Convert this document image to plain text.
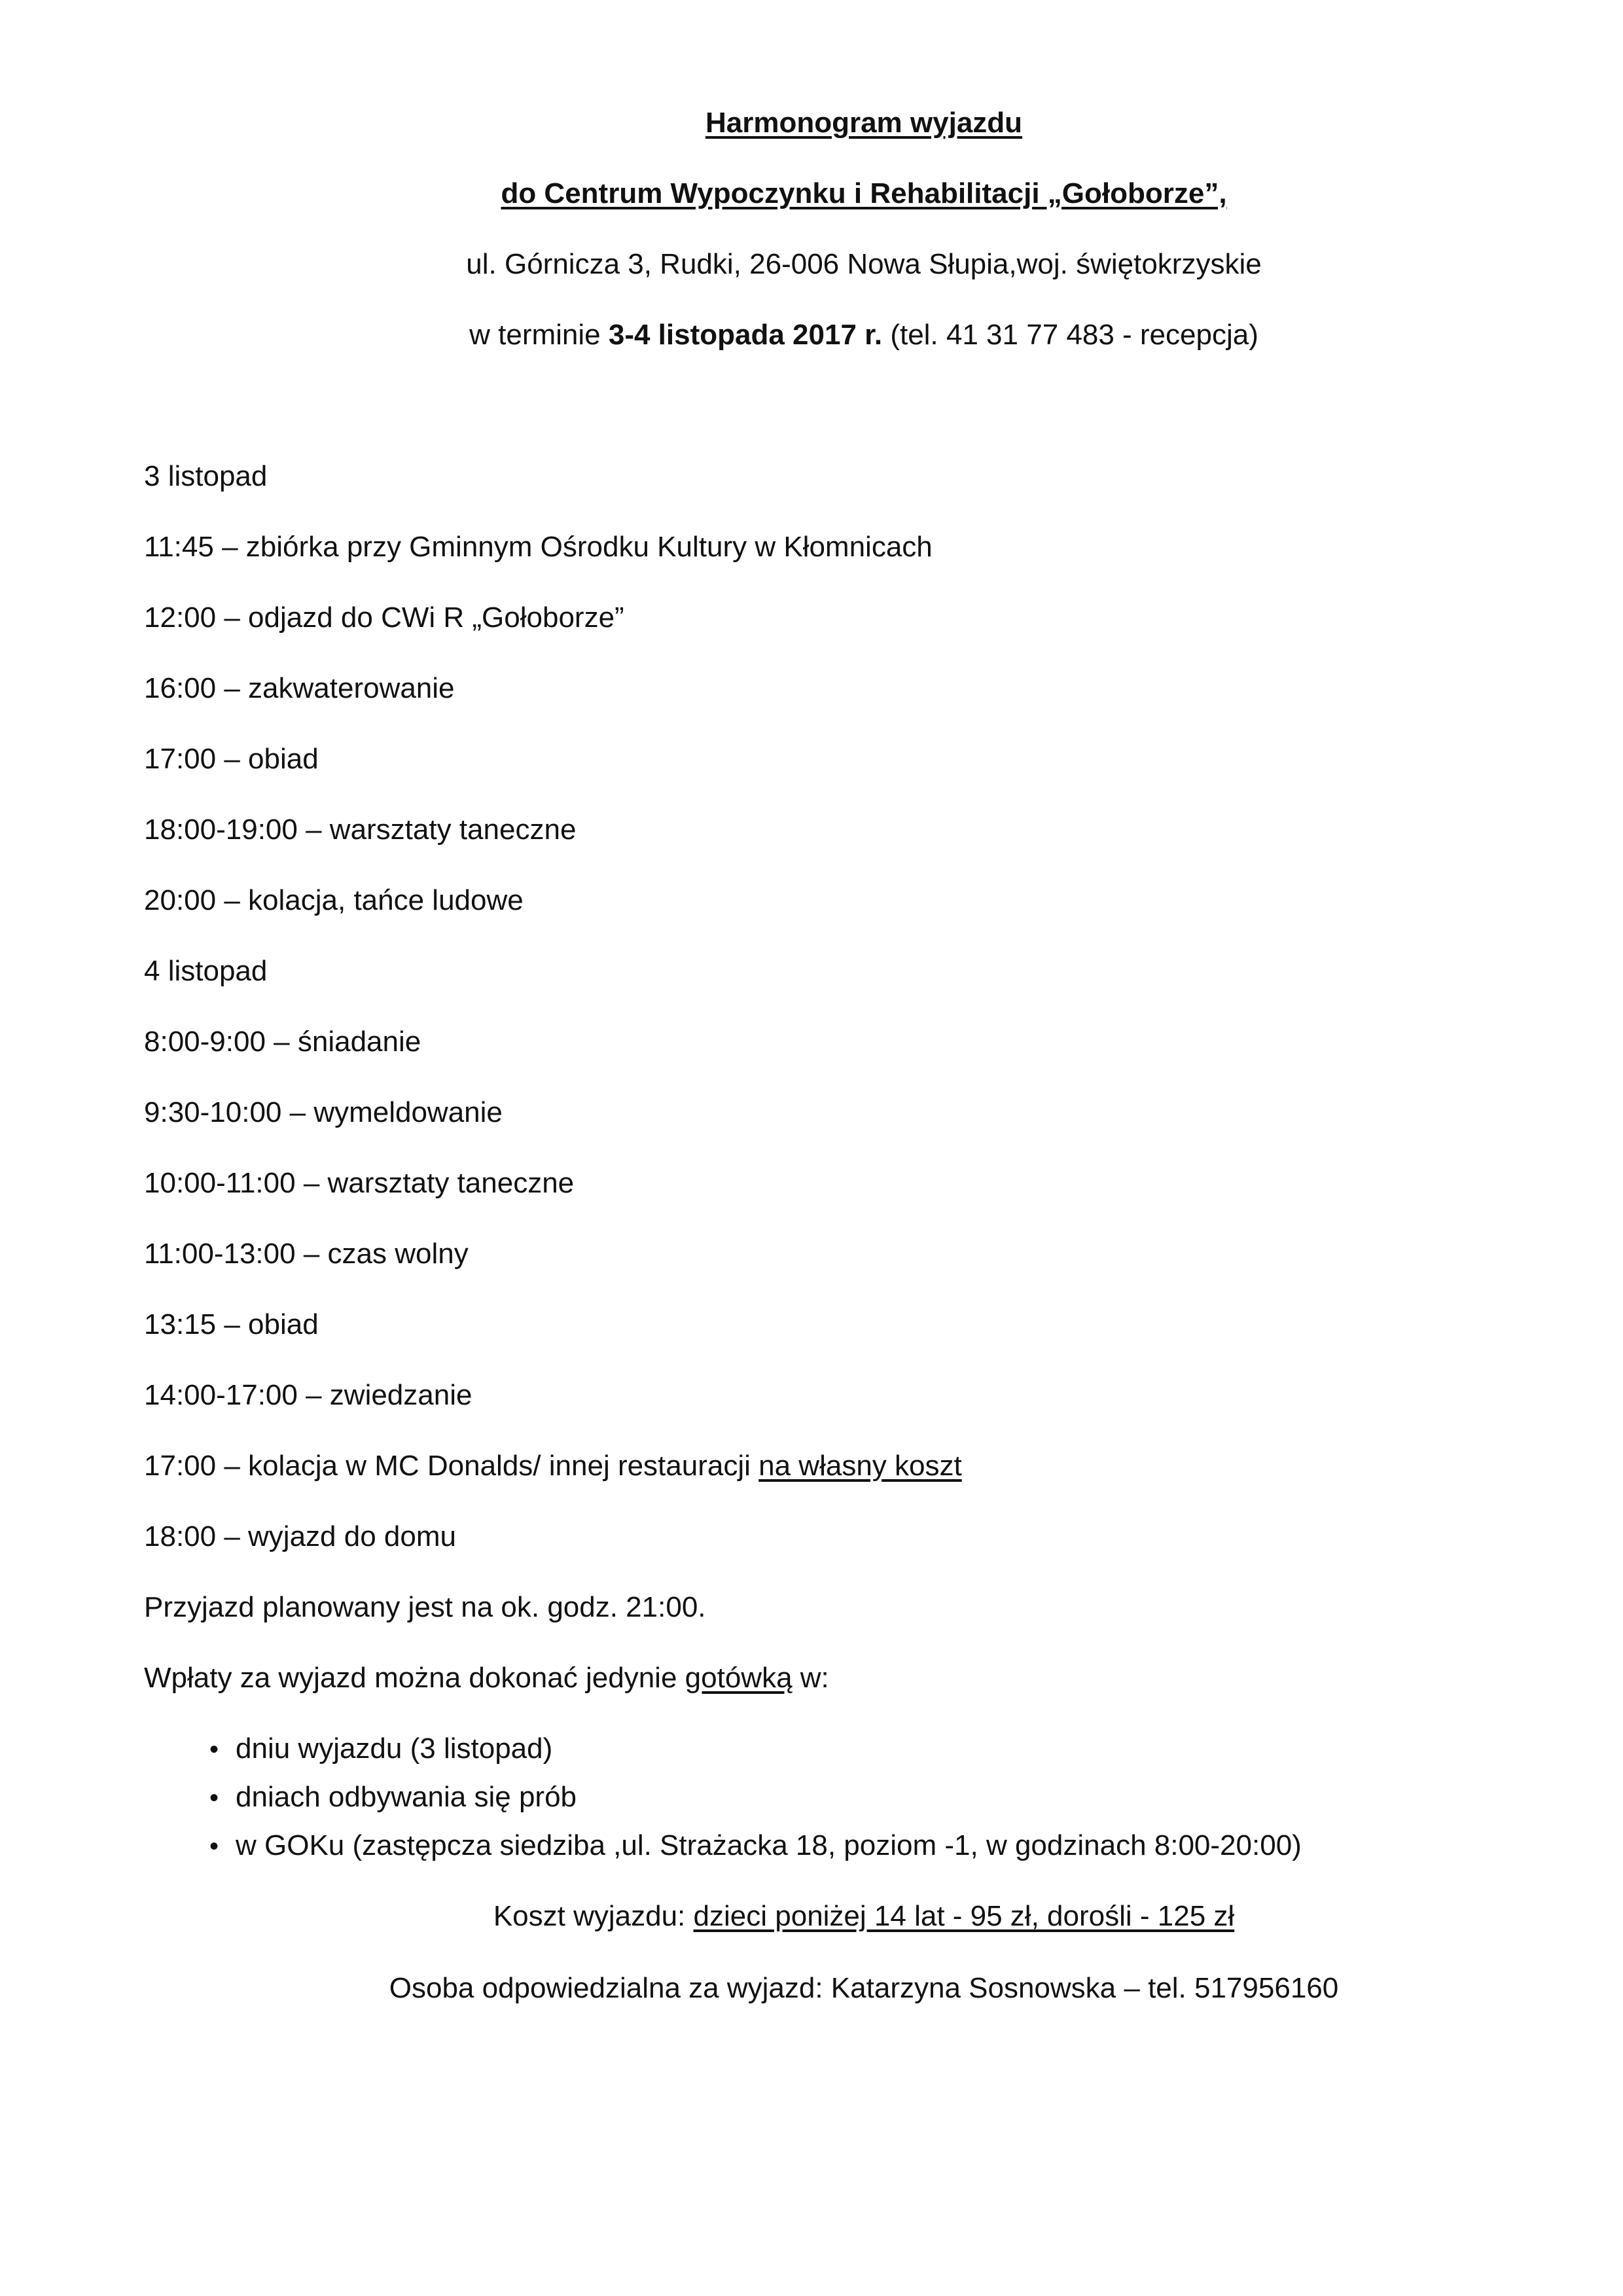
Harmonogram wyjazdu
do Centrum Wypoczynku i Rehabilitacji „Gołoborze”,
ul. Górnicza 3, Rudki, 26-006 Nowa Słupia,woj. świętokrzyskie
w terminie 3-4 listopada 2017 r. (tel. 41 31 77 483 - recepcja)
3 listopad
11:45 – zbiórka przy Gminnym Ośrodku Kultury w Kłomnicach
12:00 – odjazd do CWi R „Gołoborze”
16:00 – zakwaterowanie
17:00 – obiad
18:00-19:00 – warsztaty taneczne
20:00 – kolacja, tańce ludowe
4 listopad
8:00-9:00 – śniadanie
9:30-10:00 – wymeldowanie
10:00-11:00 – warsztaty taneczne
11:00-13:00 – czas wolny
13:15 – obiad
14:00-17:00 – zwiedzanie
17:00 – kolacja w MC Donalds/ innej restauracji na własny koszt
18:00 – wyjazd do domu
Przyjazd planowany jest na ok. godz. 21:00.
Wpłaty za wyjazd można dokonać jedynie gotówką w:
• dniu wyjazdu (3 listopad)
• dniach odbywania się prób
• w GOKu (zastępcza siedziba ,ul. Strażacka 18, poziom -1, w godzinach 8:00-20:00)
Koszt wyjazdu: dzieci poniżej 14 lat - 95 zł, dorośli - 125 zł
Osoba odpowiedzialna za wyjazd: Katarzyna Sosnowska – tel. 517956160
